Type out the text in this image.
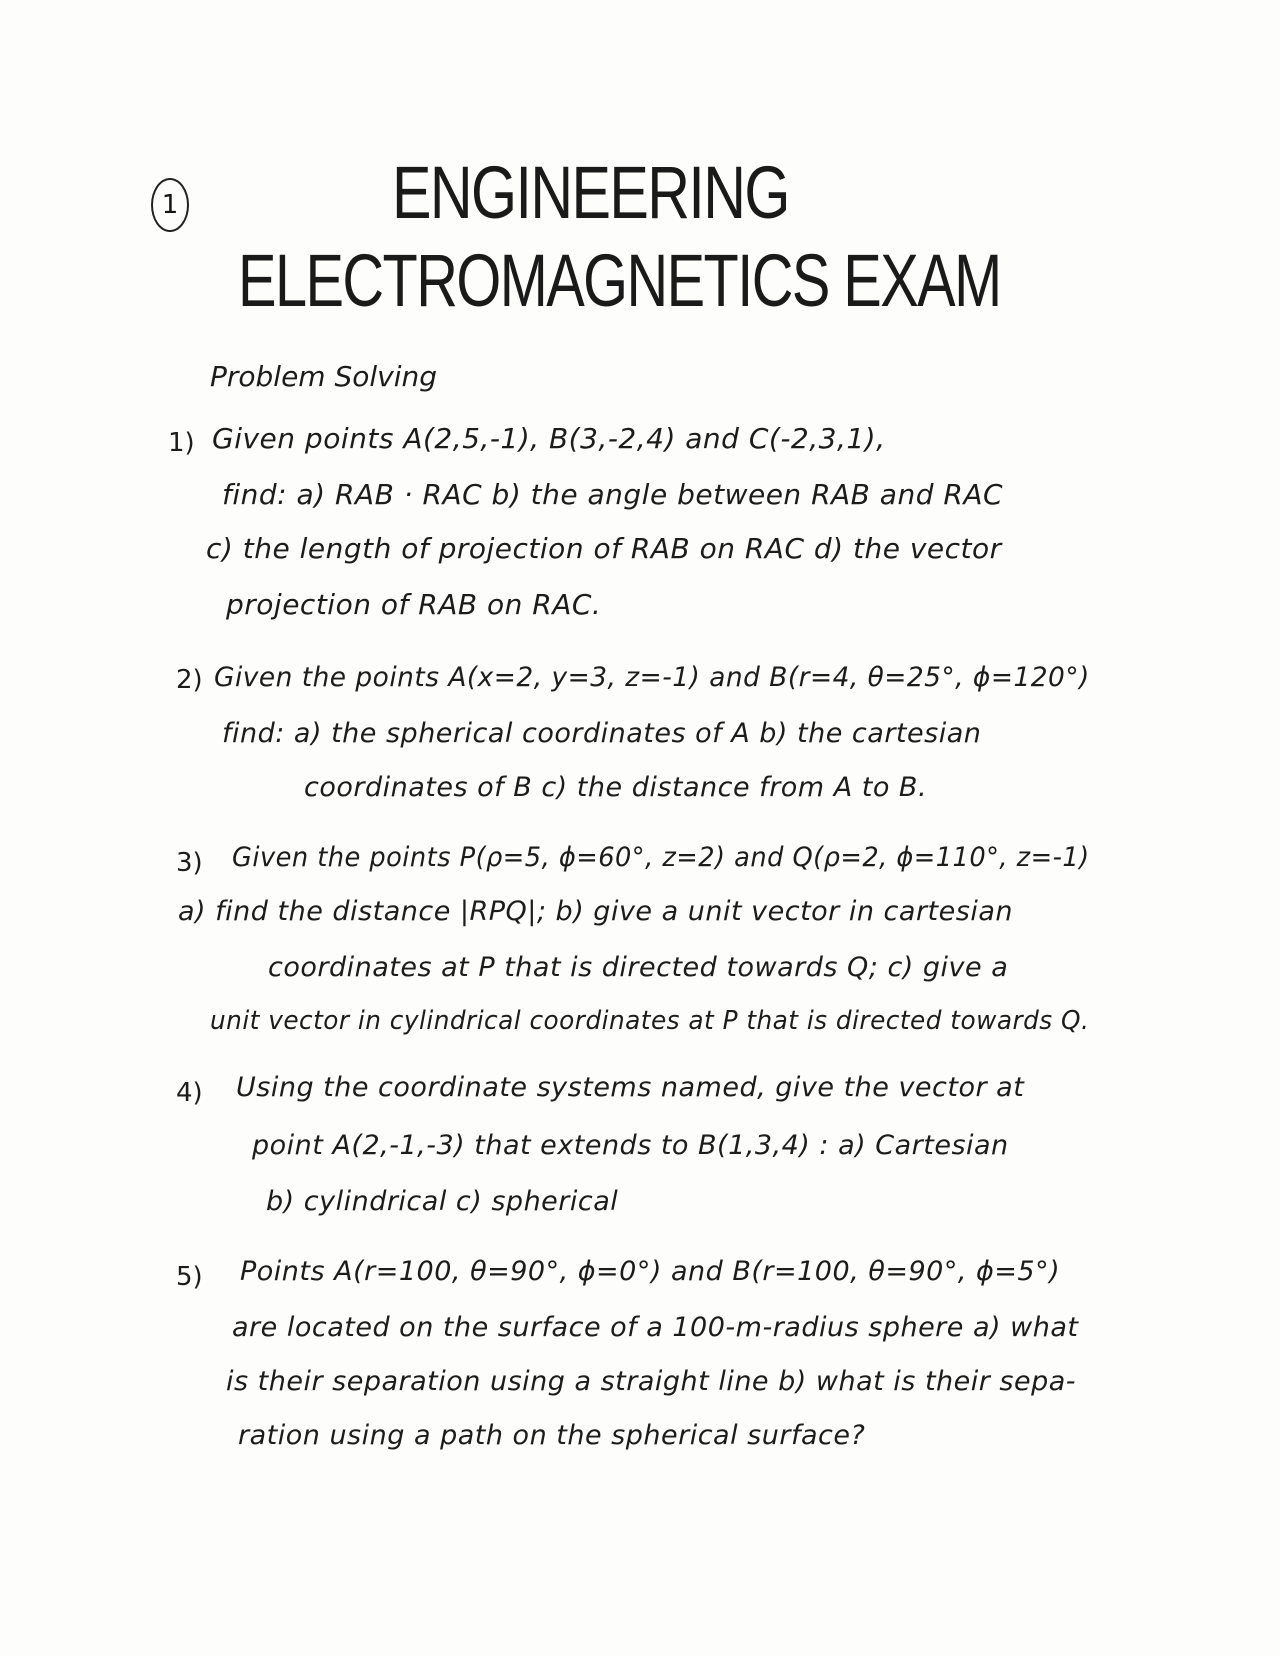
1	ENGINEERING
ELECTROMAGNETICS EXAM
Problem Solving
1) Given points A(2,5,-1), B(3,-2,4) and C(-2,3,1),
find: a) RAB · RAC b) the angle between RAB and RAC
c) the length of projection of RAB on RAC d) the vector
projection of RAB on RAC.
2) Given the points A(x=2, y=3, z=-1) and B(r=4, θ=25°, ϕ=120°)
find: a) the spherical coordinates of A b) the cartesian
coordinates of B c) the distance from A to B.
3) Given the points P(ρ=5, ϕ=60°, z=2) and Q(ρ=2, ϕ=110°, z=-1)
a) find the distance |RPQ|; b) give a unit vector in cartesian
coordinates at P that is directed towards Q; c) give a
unit vector in cylindrical coordinates at P that is directed towards Q.
4) Using the coordinate systems named, give the vector at
point A(2,-1,-3) that extends to B(1,3,4) : a) Cartesian
b) cylindrical c) spherical
5) Points A(r=100, θ=90°, ϕ=0°) and B(r=100, θ=90°, ϕ=5°)
are located on the surface of a 100-m-radius sphere a) what
is their separation using a straight line b) what is their sepa-
ration using a path on the spherical surface?
